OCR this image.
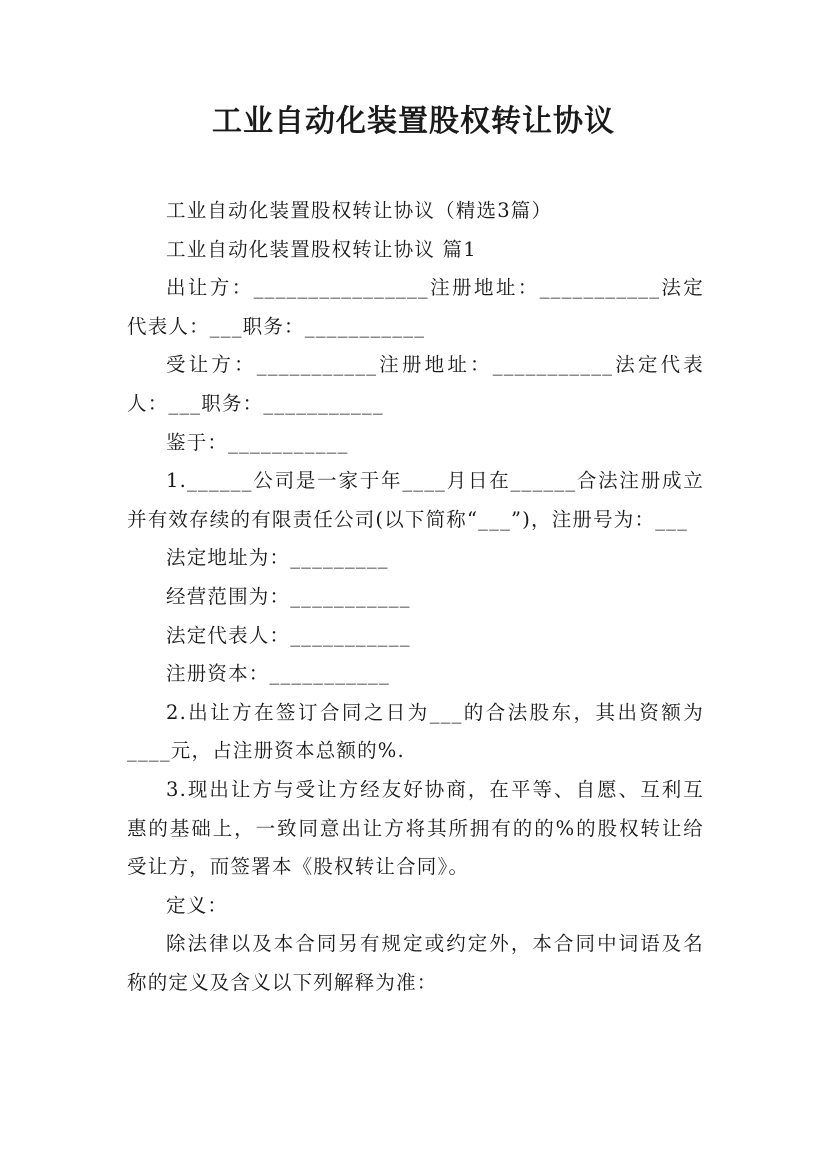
工业自动化装置股权转让协议

工业自动化装置股权转让协议（精选3篇）

工业自动化装置股权转让协议 篇1

出让方：________________注册地址：___________法定代表人：___职务：___________

受让方：___________注册地址：___________法定代表人：___职务：___________

鉴于：___________

1.______公司是一家于年____月日在______合法注册成立并有效存续的有限责任公司(以下简称“___”)，注册号为：___

法定地址为：_________

经营范围为：___________

法定代表人：___________

注册资本：___________

2.出让方在签订合同之日为___的合法股东，其出资额为____元，占注册资本总额的%.

3.现出让方与受让方经友好协商，在平等、自愿、互利互惠的基础上，一致同意出让方将其所拥有的的%的股权转让给受让方，而签署本《股权转让合同》。

定义：

除法律以及本合同另有规定或约定外，本合同中词语及名称的定义及含义以下列解释为准：
